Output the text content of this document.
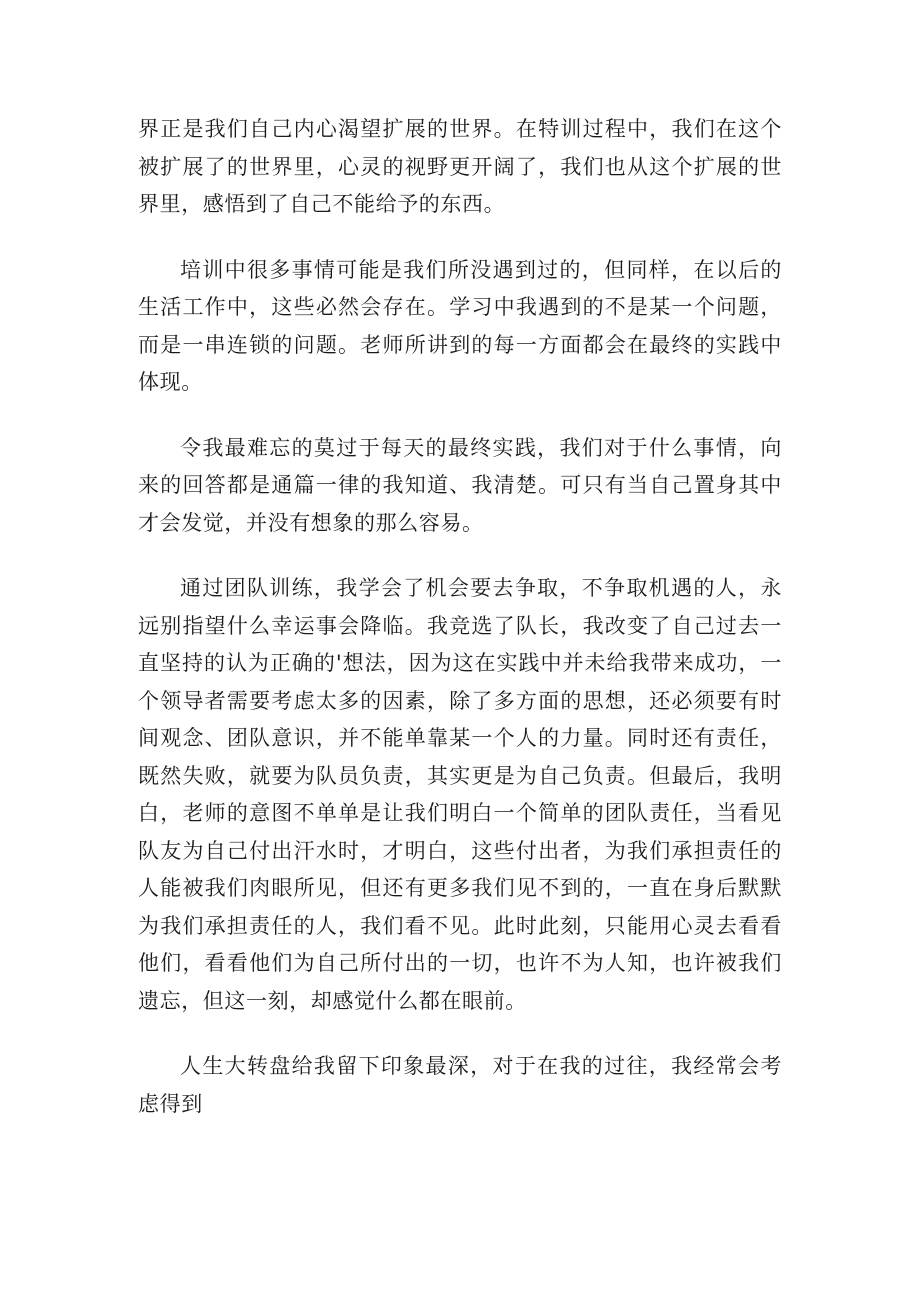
界正是我们自己内心渴望扩展的世界。在特训过程中，我们在这个被扩展了的世界里，心灵的视野更开阔了，我们也从这个扩展的世界里，感悟到了自己不能给予的东西。

培训中很多事情可能是我们所没遇到过的，但同样，在以后的生活工作中，这些必然会存在。学习中我遇到的不是某一个问题，而是一串连锁的问题。老师所讲到的每一方面都会在最终的实践中体现。

令我最难忘的莫过于每天的最终实践，我们对于什么事情，向来的回答都是通篇一律的我知道、我清楚。可只有当自己置身其中才会发觉，并没有想象的那么容易。

通过团队训练，我学会了机会要去争取，不争取机遇的人，永远别指望什么幸运事会降临。我竞选了队长，我改变了自己过去一直坚持的认为正确的'想法，因为这在实践中并未给我带来成功，一个领导者需要考虑太多的因素，除了多方面的思想，还必须要有时间观念、团队意识，并不能单靠某一个人的力量。同时还有责任，既然失败，就要为队员负责，其实更是为自己负责。但最后，我明白，老师的意图不单单是让我们明白一个简单的团队责任，当看见队友为自己付出汗水时，才明白，这些付出者，为我们承担责任的人能被我们肉眼所见，但还有更多我们见不到的，一直在身后默默为我们承担责任的人，我们看不见。此时此刻，只能用心灵去看看他们，看看他们为自己所付出的一切，也许不为人知，也许被我们遗忘，但这一刻，却感觉什么都在眼前。

人生大转盘给我留下印象最深，对于在我的过往，我经常会考虑得到
